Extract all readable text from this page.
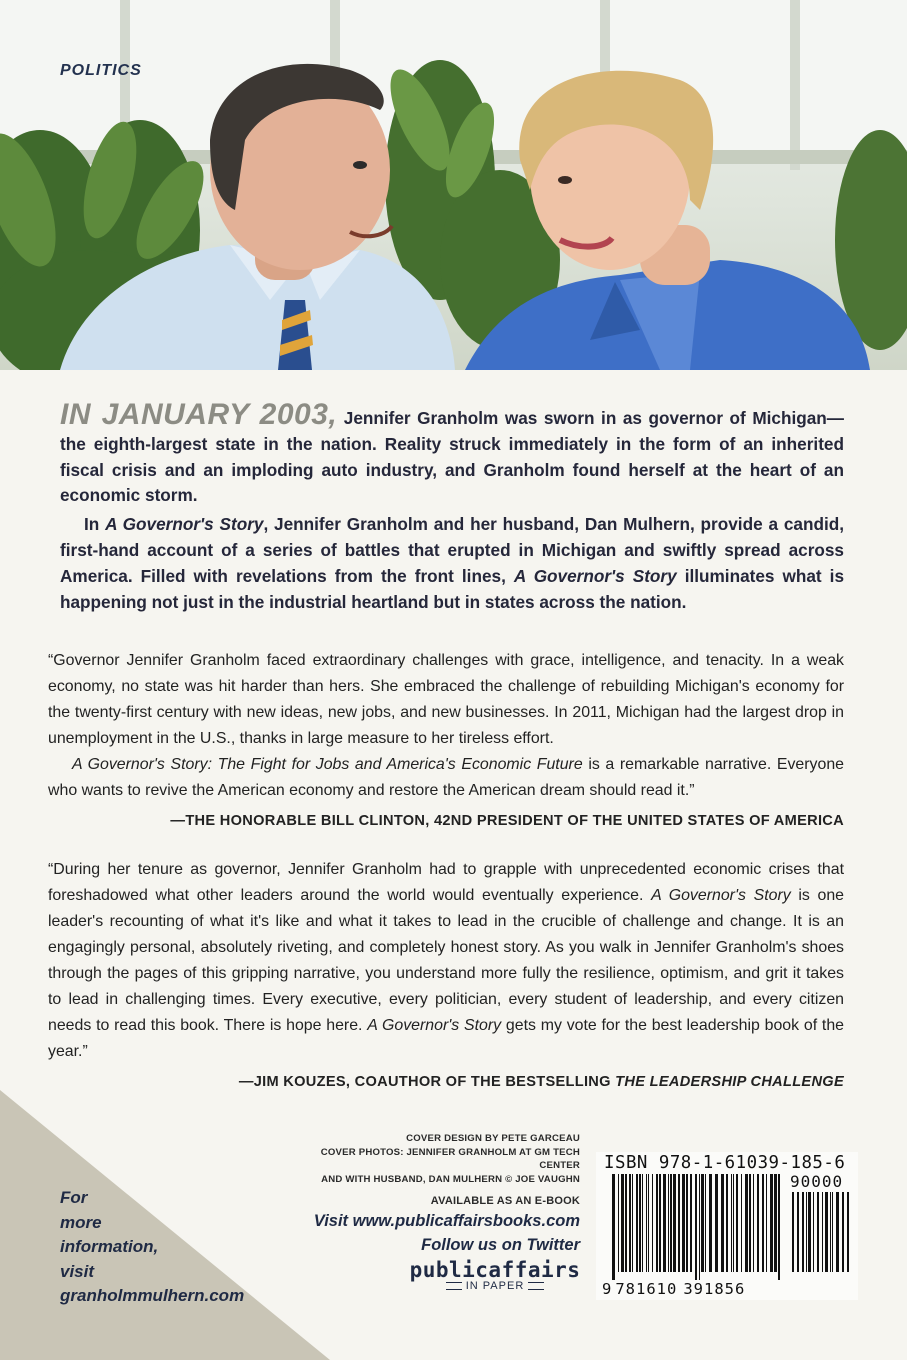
POLITICS

IN JANUARY 2003, Jennifer Granholm was sworn in as governor of Michigan—the eighth-largest state in the nation. Reality struck immediately in the form of an inherited fiscal crisis and an imploding auto industry, and Granholm found herself at the heart of an economic storm.

In A Governor's Story, Jennifer Granholm and her husband, Dan Mulhern, provide a candid, first-hand account of a series of battles that erupted in Michigan and swiftly spread across America. Filled with revelations from the front lines, A Governor's Story illuminates what is happening not just in the industrial heartland but in states across the nation.

“Governor Jennifer Granholm faced extraordinary challenges with grace, intelligence, and tenacity. In a weak economy, no state was hit harder than hers. She embraced the challenge of rebuilding Michigan's economy for the twenty-first century with new ideas, new jobs, and new businesses. In 2011, Michigan had the largest drop in unemployment in the U.S., thanks in large measure to her tireless effort.

A Governor's Story: The Fight for Jobs and America's Economic Future is a remarkable narrative. Everyone who wants to revive the American economy and restore the American dream should read it.”

—THE HONORABLE BILL CLINTON, 42ND PRESIDENT OF THE UNITED STATES OF AMERICA

“During her tenure as governor, Jennifer Granholm had to grapple with unprecedented economic crises that foreshadowed what other leaders around the world would eventually experience. A Governor's Story is one leader's recounting of what it's like and what it takes to lead in the crucible of challenge and change. It is an engagingly personal, absolutely riveting, and completely honest story. As you walk in Jennifer Granholm's shoes through the pages of this gripping narrative, you understand more fully the resilience, optimism, and grit it takes to lead in challenging times. Every executive, every politician, every student of leadership, and every citizen needs to read this book. There is hope here. A Governor's Story gets my vote for the best leadership book of the year.”

—JIM KOUZES, COAUTHOR OF THE BESTSELLING THE LEADERSHIP CHALLENGE

For
more
information,
visit
granholmmulhern.com
COVER DESIGN BY PETE GARCEAU
COVER PHOTOS: JENNIFER GRANHOLM AT GM TECH CENTER
AND WITH HUSBAND, DAN MULHERN © JOE VAUGHN
AVAILABLE AS AN E-BOOK
Visit www.publicaffairsbooks.com
Follow us on Twitter
publicaffairs
IN PAPER
ISBN 978-1-61039-185-6
90000
9 781610 391856
